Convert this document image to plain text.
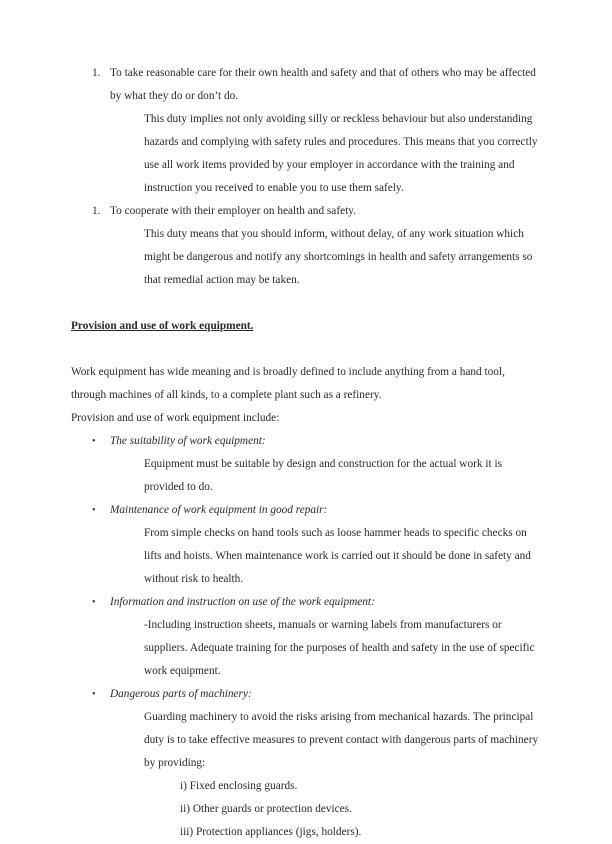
1. To take reasonable care for their own health and safety and that of others who may be affected by what they do or don’t do.
This duty implies not only avoiding silly or reckless behaviour but also understanding hazards and complying with safety rules and procedures. This means that you correctly use all work items provided by your employer in accordance with the training and instruction you received to enable you to use them safely.
1. To cooperate with their employer on health and safety.
This duty means that you should inform, without delay, of any work situation which might be dangerous and notify any shortcomings in health and safety arrangements so that remedial action may be taken.
Provision and use of work equipment.
Work equipment has wide meaning and is broadly defined to include anything from a hand tool, through machines of all kinds, to a complete plant such as a refinery.
Provision and use of work equipment include:
•	The suitability of work equipment:
Equipment must be suitable by design and construction for the actual work it is provided to do.
•	Maintenance of work equipment in good repair:
From simple checks on hand tools such as loose hammer heads to specific checks on lifts and hoists. When maintenance work is carried out it should be done in safety and without risk to health.
•	Information and instruction on use of the work equipment:
-Including instruction sheets, manuals or warning labels from manufacturers or suppliers. Adequate training for the purposes of health and safety in the use of specific work equipment.
•	Dangerous parts of machinery:
Guarding machinery to avoid the risks arising from mechanical hazards. The principal duty is to take effective measures to prevent contact with dangerous parts of machinery by providing:
i) Fixed enclosing guards.
ii) Other guards or protection devices.
iii) Protection appliances (jigs, holders).
